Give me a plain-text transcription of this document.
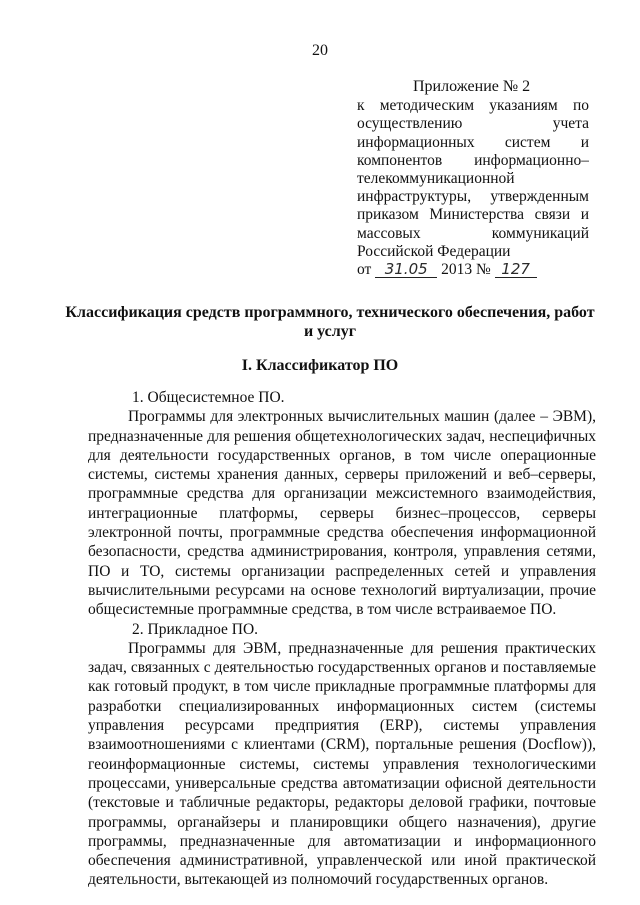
20
Приложение № 2
к методическим указаниям по
осуществлению учета
информационных систем и
компонентов информационно–
телекоммуникационной
инфраструктуры, утвержденным
приказом Министерства связи и
массовых коммуникаций
Российской Федерации
от 31.05 2013 № 127
Классификация средств программного, технического обеспечения, работ и услуг
I. Классификатор ПО
1. Общесистемное ПО.
Программы для электронных вычислительных машин (далее – ЭВМ),
предназначенные для решения общетехнологических задач, неспецифичных
для деятельности государственных органов, в том числе операционные
системы, системы хранения данных, серверы приложений и веб–серверы,
программные средства для организации межсистемного взаимодействия,
интеграционные платформы, серверы бизнес–процессов, серверы
электронной почты, программные средства обеспечения информационной
безопасности, средства администрирования, контроля, управления сетями,
ПО и ТО, системы организации распределенных сетей и управления
вычислительными ресурсами на основе технологий виртуализации, прочие
общесистемные программные средства, в том числе встраиваемое ПО.
2. Прикладное ПО.
Программы для ЭВМ, предназначенные для решения практических
задач, связанных с деятельностью государственных органов и поставляемые
как готовый продукт, в том числе прикладные программные платформы для
разработки специализированных информационных систем (системы
управления ресурсами предприятия (ERP), системы управления
взаимоотношениями с клиентами (CRM), портальные решения (Docflow)),
геоинформационные системы, системы управления технологическими
процессами, универсальные средства автоматизации офисной деятельности
(текстовые и табличные редакторы, редакторы деловой графики, почтовые
программы, органайзеры и планировщики общего назначения), другие
программы, предназначенные для автоматизации и информационного
обеспечения административной, управленческой или иной практической
деятельности, вытекающей из полномочий государственных органов.
